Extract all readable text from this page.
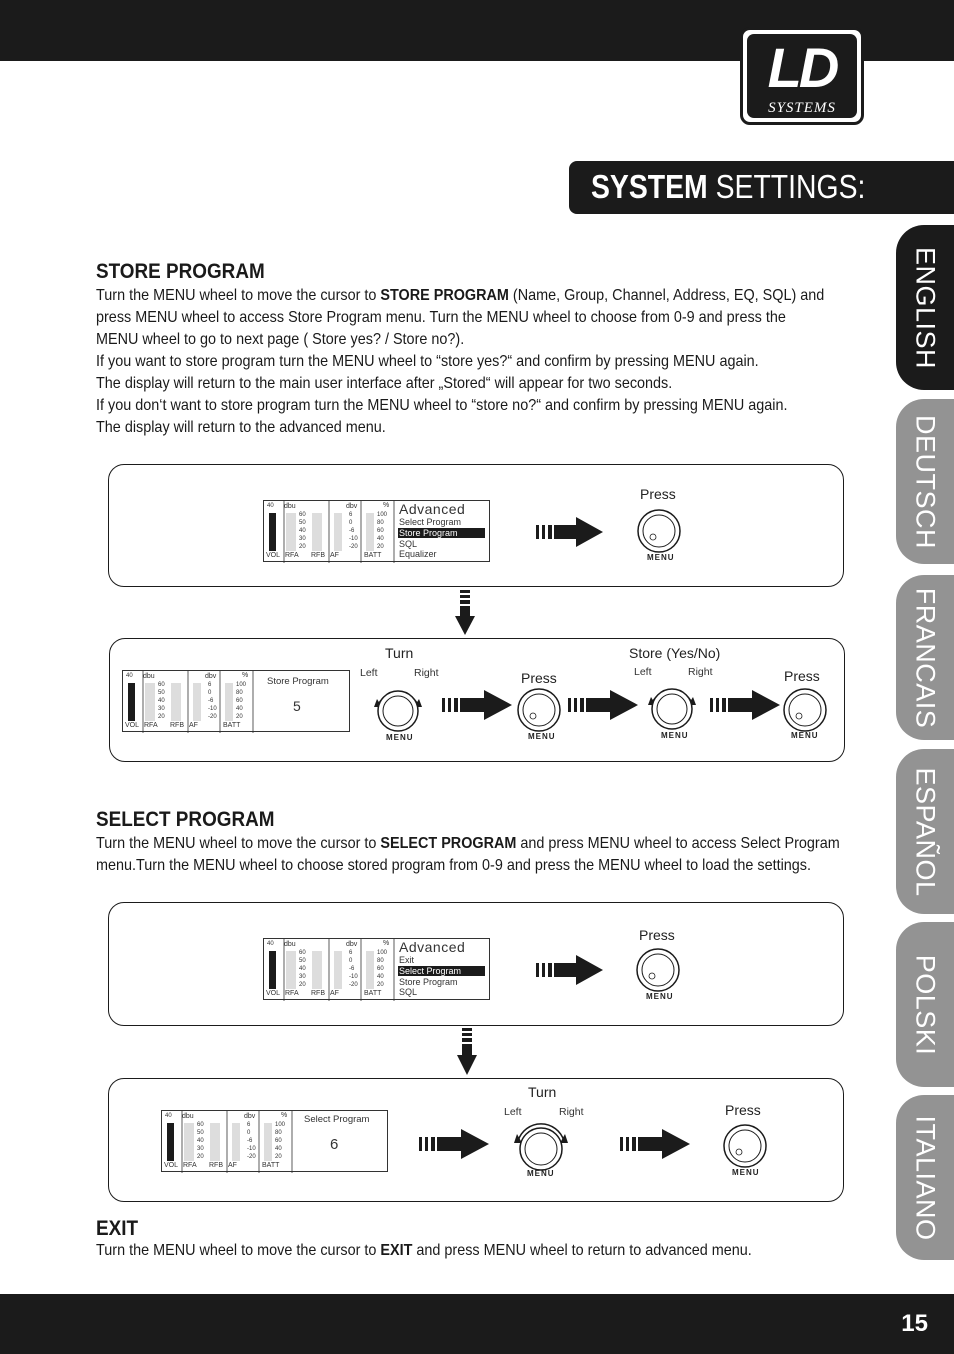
LD
SYSTEMS
SYSTEM SETTINGS:
ENGLISH
DEUTSCH
FRANCAIS
ESPAÑOL
POLSKI
ITALIANO
STORE PROGRAM
Turn the MENU wheel to move the cursor to STORE PROGRAM (Name, Group, Channel, Address, EQ, SQL) and
press MENU wheel to access Store Program menu. Turn the MENU wheel to choose from 0-9 and press the
MENU wheel to go to next page ( Store yes? / Store no?).
If you want to store program turn the MENU wheel to “store yes?“ and confirm by pressing MENU again.
The display will return to the main user interface after „Stored“ will appear for two seconds.
If you don‘t want to store program turn the MENU wheel to “store no?“ and confirm by pressing MENU again.
The display will return to the advanced menu.
40 dbu	dbv	%
60
50
40
30
20
6
0
-6
-10
-20
100
80
60
40
20
VOL RFA RFB AF	BATT
Advanced
Select Program
Store Program
SQL
Equalizer
Press
MENU
40 dbu	dbv	%
60
50
40
30
20
6
0
-6
-10
-20
100
80
60
40
20
VOL RFA RFB AF	BATT
Store Program
5
Turn
Left	Right
MENU
Press
MENU
Store (Yes/No)
Left	Right
MENU
Press
MENU
SELECT PROGRAM
Turn the MENU wheel to move the cursor to SELECT PROGRAM and press MENU wheel to access Select Program
menu.Turn the MENU wheel to choose stored program from 0-9 and press the MENU wheel to load the settings.
40 dbu	dbv	%
60
50
40
30
20
6
0
-6
-10
-20
100
80
60
40
20
VOL RFA RFB AF	BATT
Advanced
Exit
Select Program
Store Program
SQL
Press
MENU
40 dbu	dbv	%
60
50
40
30
20
6
0
-6
-10
-20
100
80
60
40
20
VOL RFA RFB AF	BATT
Select Program
6
Turn
Left	Right
MENU
Press
MENU
EXIT
Turn the MENU wheel to move the cursor to EXIT and press MENU wheel to return to advanced menu.
15
